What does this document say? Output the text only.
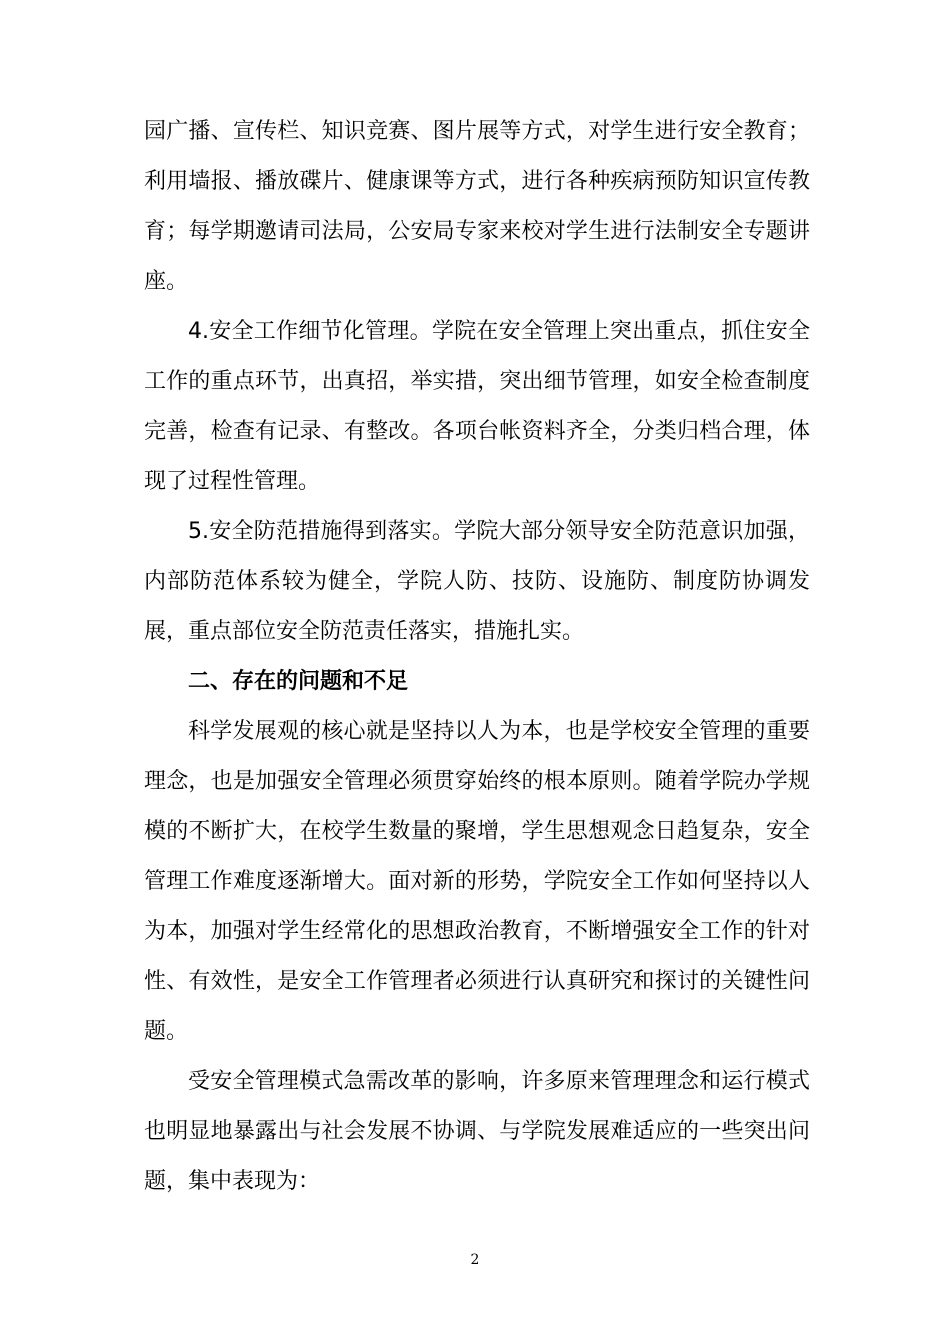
园广播、宣传栏、知识竞赛、图片展等方式，对学生进行安全教育；利用墙报、播放碟片、健康课等方式，进行各种疾病预防知识宣传教育；每学期邀请司法局，公安局专家来校对学生进行法制安全专题讲座。

4.安全工作细节化管理。学院在安全管理上突出重点，抓住安全工作的重点环节，出真招，举实措，突出细节管理，如安全检查制度完善，检查有记录、有整改。各项台帐资料齐全，分类归档合理，体现了过程性管理。

5.安全防范措施得到落实。学院大部分领导安全防范意识加强，内部防范体系较为健全，学院人防、技防、设施防、制度防协调发展，重点部位安全防范责任落实，措施扎实。

二、存在的问题和不足

科学发展观的核心就是坚持以人为本，也是学校安全管理的重要理念，也是加强安全管理必须贯穿始终的根本原则。随着学院办学规模的不断扩大，在校学生数量的聚增，学生思想观念日趋复杂，安全管理工作难度逐渐增大。面对新的形势，学院安全工作如何坚持以人为本，加强对学生经常化的思想政治教育，不断增强安全工作的针对性、有效性，是安全工作管理者必须进行认真研究和探讨的关键性问题。

受安全管理模式急需改革的影响，许多原来管理理念和运行模式也明显地暴露出与社会发展不协调、与学院发展难适应的一些突出问题，集中表现为：

2
